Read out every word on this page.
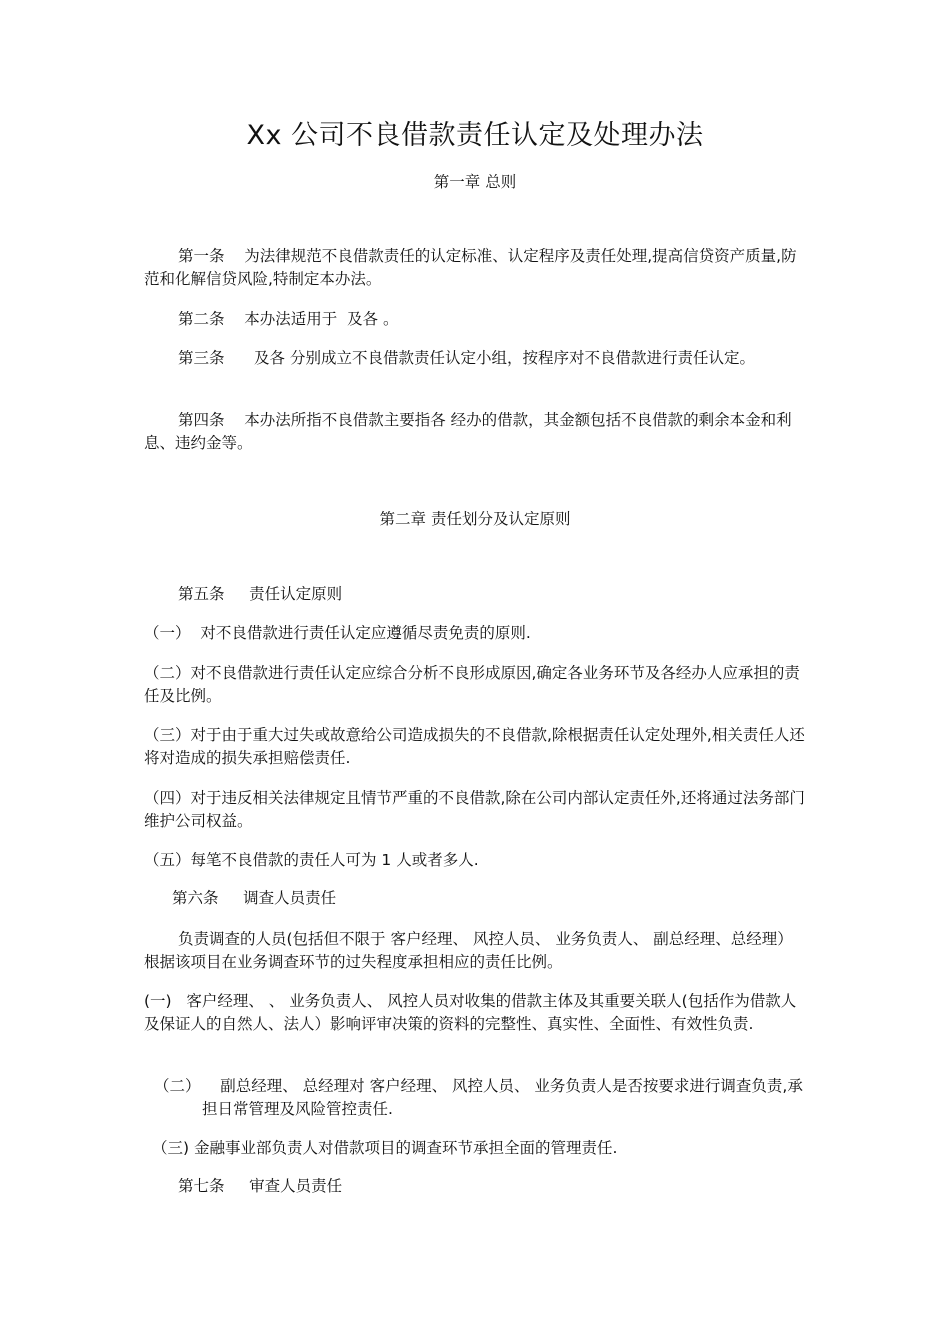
Xx 公司不良借款责任认定及处理办法
第一章 总则
第一条    为法律规范不良借款责任的认定标准、认定程序及责任处理,提高信贷资产质量,防范和化解信贷风险,特制定本办法。
第二条    本办法适用于  及各 。
第三条      及各 分别成立不良借款责任认定小组，按程序对不良借款进行责任认定。
第四条    本办法所指不良借款主要指各 经办的借款，其金额包括不良借款的剩余本金和利息、违约金等。
第二章 责任划分及认定原则
第五条     责任认定原则
（一）  对不良借款进行责任认定应遵循尽责免责的原则.
（二）对不良借款进行责任认定应综合分析不良形成原因,确定各业务环节及各经办人应承担的责任及比例。
（三）对于由于重大过失或故意给公司造成损失的不良借款,除根据责任认定处理外,相关责任人还将对造成的损失承担赔偿责任.
（四）对于违反相关法律规定且情节严重的不良借款,除在公司内部认定责任外,还将通过法务部门维护公司权益。
（五）每笔不良借款的责任人可为 1 人或者多人.
第六条     调查人员责任
负责调查的人员(包括但不限于 客户经理、 风控人员、 业务负责人、 副总经理、总经理）根据该项目在业务调查环节的过失程度承担相应的责任比例。
(一)   客户经理、 、 业务负责人、 风控人员对收集的借款主体及其重要关联人(包括作为借款人及保证人的自然人、法人）影响评审决策的资料的完整性、真实性、全面性、有效性负责.
（二）    副总经理、 总经理对 客户经理、 风控人员、 业务负责人是否按要求进行调查负责,承担日常管理及风险管控责任.
（三) 金融事业部负责人对借款项目的调查环节承担全面的管理责任.
第七条     审查人员责任
